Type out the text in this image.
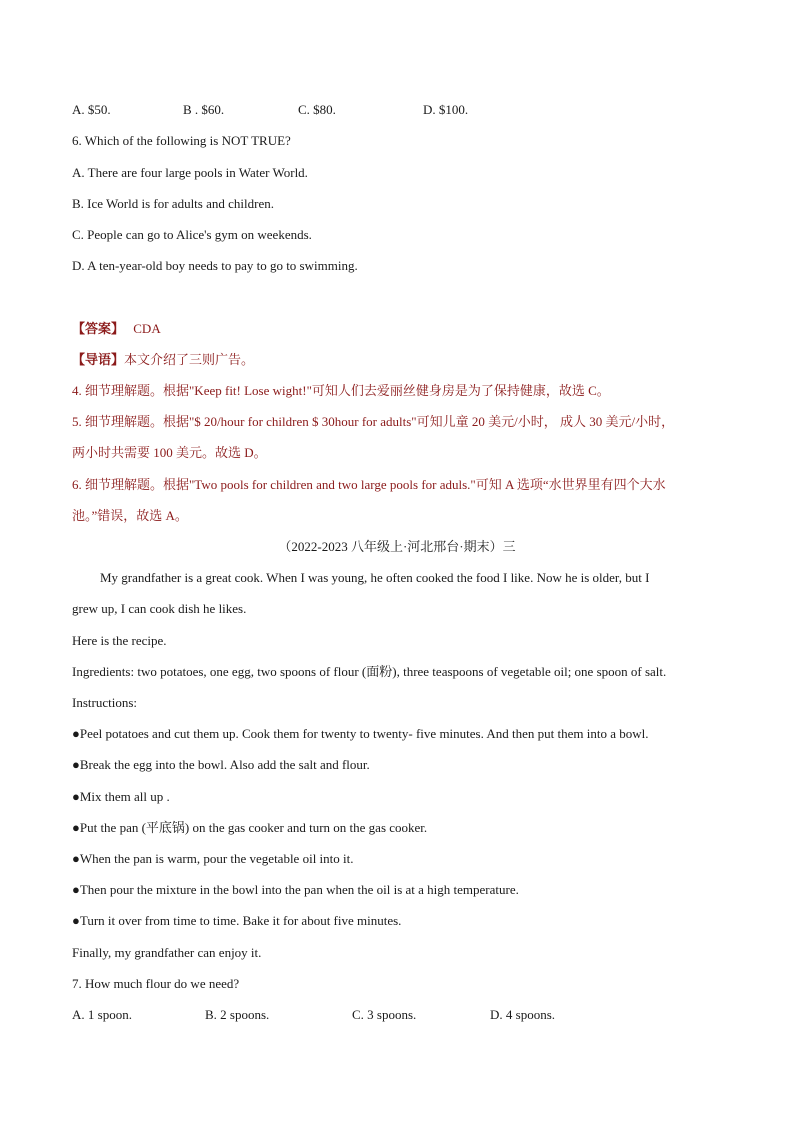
A. $50.	B . $60.	C. $80.	D. $100.
6. Which of the following is NOT TRUE?
A. There are four large pools in Water World.
B. Ice World is for adults and children.
C. People can go to Alice's gym on weekends.
D. A ten-year-old boy needs to pay to go to swimming.
【答案】 CDA
【导语】本文介绍了三则广告。
4. 细节理解题。根据"Keep fit! Lose wight!"可知人们去爱丽丝健身房是为了保持健康，故选 C。
5. 细节理解题。根据"$ 20/hour for children $ 30hour for adults"可知儿童 20 美元/小时， 成人 30 美元/小时，
两小时共需要 100 美元。故选 D。
6. 细节理解题。根据"Two pools for children and two large pools for aduls."可知 A 选项“水世界里有四个大水
池。”错误，故选 A。
（2022-2023 八年级上·河北邢台·期末）三
My grandfather is a great cook. When I was young, he often cooked the food I like. Now he is older, but I
grew up, I can cook dish he likes.
Here is the recipe.
Ingredients: two potatoes, one egg, two spoons of flour (面粉), three teaspoons of vegetable oil; one spoon of salt.
Instructions:
●Peel potatoes and cut them up. Cook them for twenty to twenty- five minutes. And then put them into a bowl.
●Break the egg into the bowl. Also add the salt and flour.
●Mix them all up .
●Put the pan (平底锅) on the gas cooker and turn on the gas cooker.
●When the pan is warm, pour the vegetable oil into it.
●Then pour the mixture in the bowl into the pan when the oil is at a high temperature.
●Turn it over from time to time. Bake it for about five minutes.
Finally, my grandfather can enjoy it.
7. How much flour do we need?
A. 1 spoon.	B. 2 spoons.	C. 3 spoons.	D. 4 spoons.
